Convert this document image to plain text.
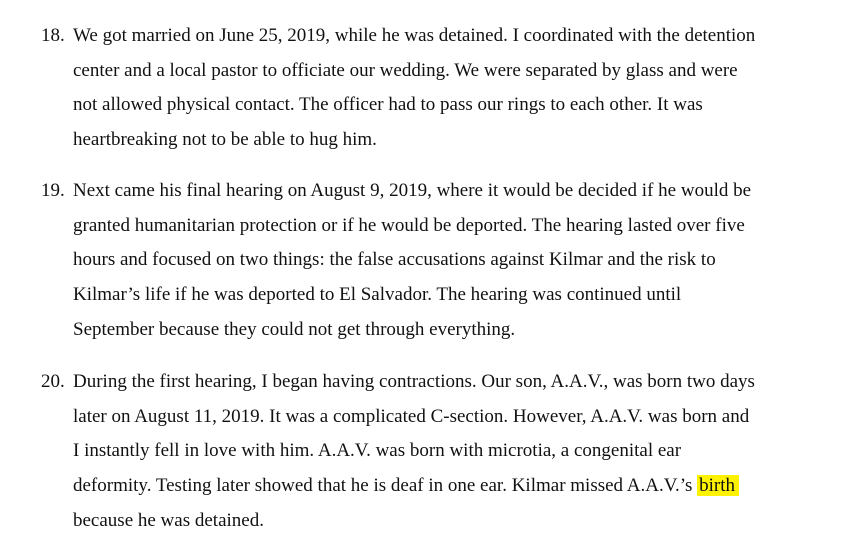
18. We got married on June 25, 2019, while he was detained. I coordinated with the detention
center and a local pastor to officiate our wedding. We were separated by glass and were
not allowed physical contact. The officer had to pass our rings to each other. It was
heartbreaking not to be able to hug him.
19. Next came his final hearing on August 9, 2019, where it would be decided if he would be
granted humanitarian protection or if he would be deported. The hearing lasted over five
hours and focused on two things: the false accusations against Kilmar and the risk to
Kilmar’s life if he was deported to El Salvador. The hearing was continued until
September because they could not get through everything.
20. During the first hearing, I began having contractions. Our son, A.A.V., was born two days
later on August 11, 2019. It was a complicated C-section. However, A.A.V. was born and
I instantly fell in love with him. A.A.V. was born with microtia, a congenital ear
deformity. Testing later showed that he is deaf in one ear. Kilmar missed A.A.V.’s birth
because he was detained.
